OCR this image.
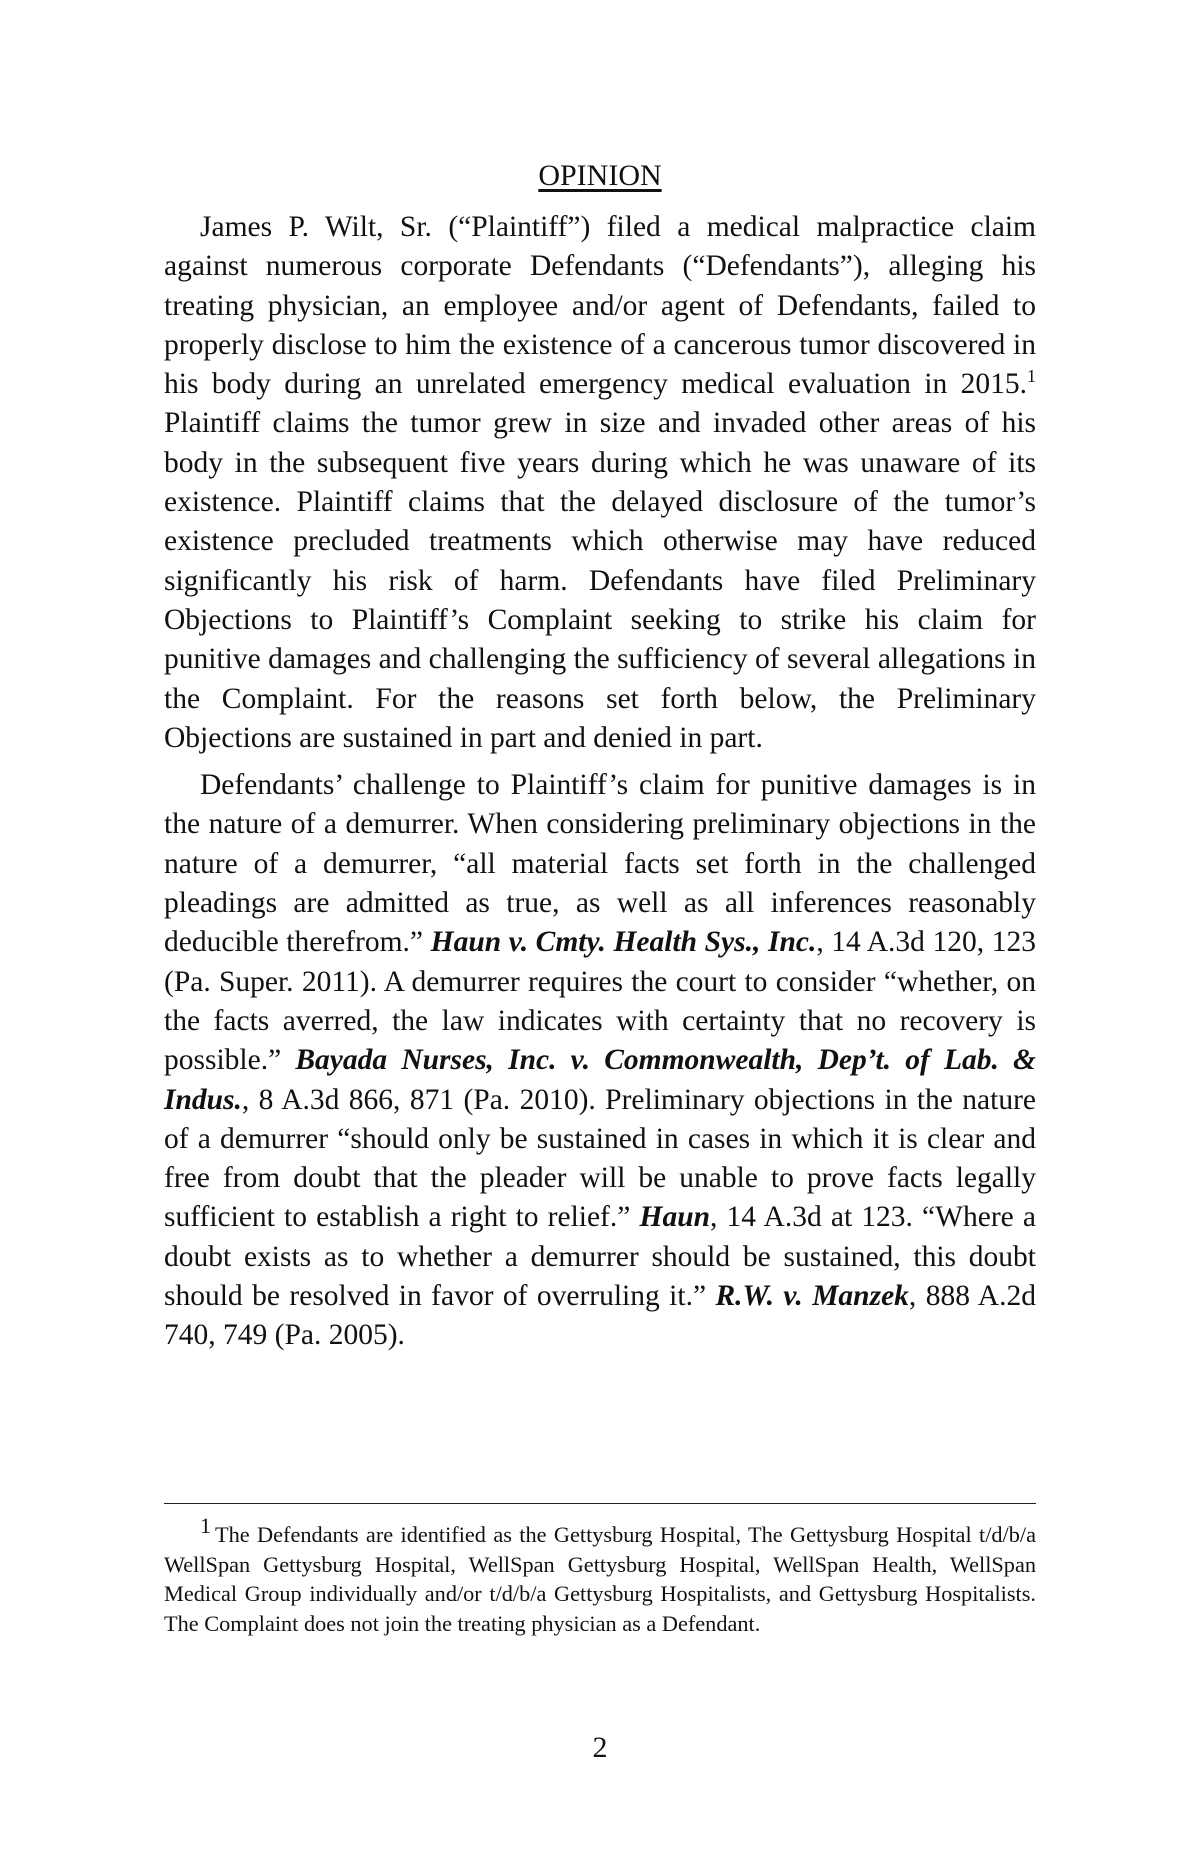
OPINION

James P. Wilt, Sr. (“Plaintiff”) filed a medical malpractice claim against numerous corporate Defendants (“Defendants”), alleging his treating physician, an employee and/or agent of Defendants, failed to properly disclose to him the existence of a cancerous tumor discovered in his body during an unrelated emergency medical evaluation in 2015.$^1$ Plaintiff claims the tumor grew in size and invaded other areas of his body in the subsequent five years during which he was unaware of its existence. Plaintiff claims that the delayed disclosure of the tumor’s existence precluded treatments which otherwise may have reduced significantly his risk of harm. Defendants have filed Preliminary Objections to Plaintiff’s Complaint seeking to strike his claim for punitive damages and challenging the sufficiency of several allegations in the Complaint. For the reasons set forth below, the Preliminary Objections are sustained in part and denied in part.

Defendants’ challenge to Plaintiff’s claim for punitive damages is in the nature of a demurrer. When considering preliminary objections in the nature of a demurrer, “all material facts set forth in the challenged pleadings are admitted as true, as well as all inferences reasonably deducible therefrom.” Haun v. Cmty. Health Sys., Inc., 14 A.3d 120, 123 (Pa. Super. 2011). A demurrer requires the court to consider “whether, on the facts averred, the law indicates with certainty that no recovery is possible.” Bayada Nurses, Inc. v. Commonwealth, Dep’t. of Lab. & Indus., 8 A.3d 866, 871 (Pa. 2010). Preliminary objections in the nature of a demurrer “should only be sustained in cases in which it is clear and free from doubt that the pleader will be unable to prove facts legally sufficient to establish a right to relief.” Haun, 14 A.3d at 123. “Where a doubt exists as to whether a demurrer should be sustained, this doubt should be resolved in favor of overruling it.” R.W. v. Manzek, 888 A.2d 740, 749 (Pa. 2005).

1 The Defendants are identified as the Gettysburg Hospital, The Gettysburg Hospital t/d/b/a WellSpan Gettysburg Hospital, WellSpan Gettysburg Hospital, WellSpan Health, WellSpan Medical Group individually and/or t/d/b/a Gettysburg Hospitalists, and Gettysburg Hospitalists. The Complaint does not join the treating physician as a Defendant.

2
